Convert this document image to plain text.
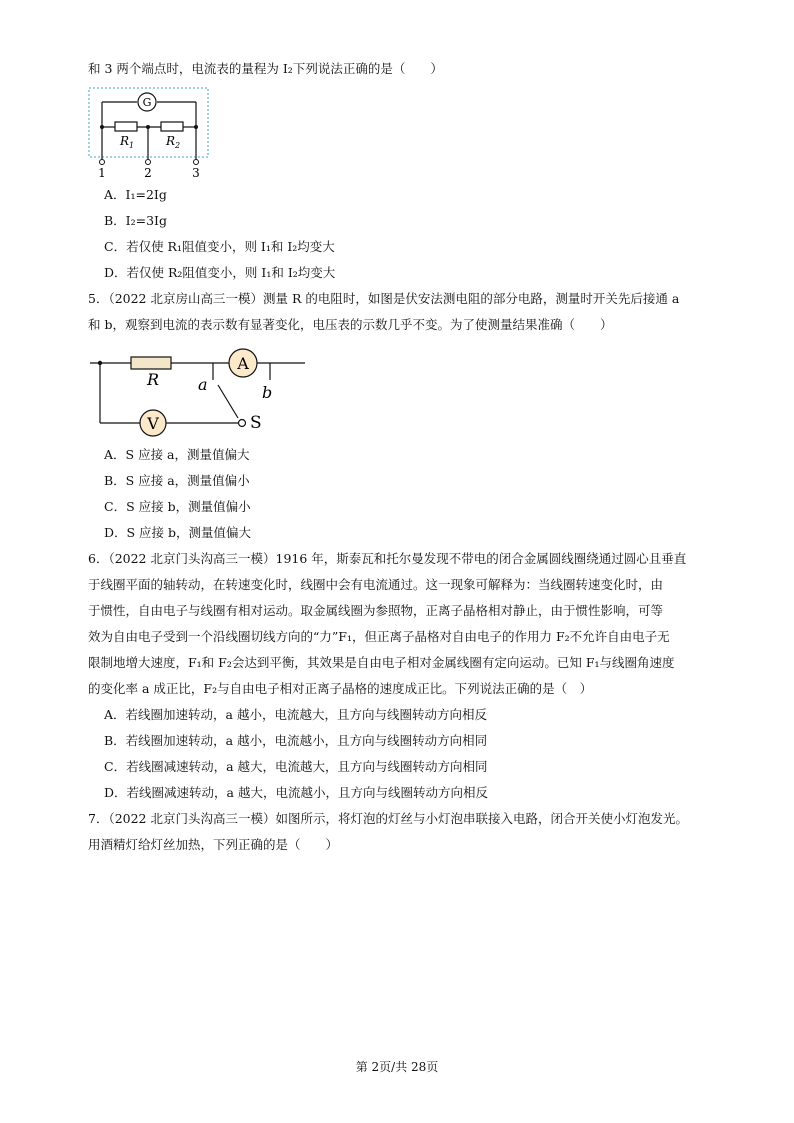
和 3 两个端点时，电流表的量程为 I₂下列说法正确的是（　　）
G
$R_1$	$R_2$
1	2	3
A．I₁=2Ig
B．I₂=3Ig
C．若仅使 R₁阻值变小，则 I₁和 I₂均变大
D．若仅使 R₂阻值变小，则 I₁和 I₂均变大
5．（2022 北京房山高三一模）测量 R 的电阻时，如图是伏安法测电阻的部分电路，测量时开关先后接通 a
和 b，观察到电流的表示数有显著变化，电压表的示数几乎不变。为了使测量结果准确（　　）
A
V
R a	b
S
A．S 应接 a，测量值偏大
B．S 应接 a，测量值偏小
C．S 应接 b，测量值偏小
D．S 应接 b，测量值偏大
6．（2022 北京门头沟高三一模）1916 年，斯泰瓦和托尔曼发现不带电的闭合金属圆线圈绕通过圆心且垂直
于线圈平面的轴转动，在转速变化时，线圈中会有电流通过。这一现象可解释为：当线圈转速变化时，由
于惯性，自由电子与线圈有相对运动。取金属线圈为参照物，正离子晶格相对静止，由于惯性影响，可等
效为自由电子受到一个沿线圈切线方向的“力”F₁，但正离子晶格对自由电子的作用力 F₂不允许自由电子无
限制地增大速度，F₁和 F₂会达到平衡，其效果是自由电子相对金属线圈有定向运动。已知 F₁与线圈角速度
的变化率 a 成正比，F₂与自由电子相对正离子晶格的速度成正比。下列说法正确的是（　）
A．若线圈加速转动，a 越小，电流越大，且方向与线圈转动方向相反
B．若线圈加速转动，a 越小，电流越小，且方向与线圈转动方向相同
C．若线圈减速转动，a 越大，电流越大，且方向与线圈转动方向相同
D．若线圈减速转动，a 越大，电流越小，且方向与线圈转动方向相反
7．（2022 北京门头沟高三一模）如图所示，将灯泡的灯丝与小灯泡串联接入电路，闭合开关使小灯泡发光。
用酒精灯给灯丝加热，下列正确的是（　　）
第 2页/共 28页
